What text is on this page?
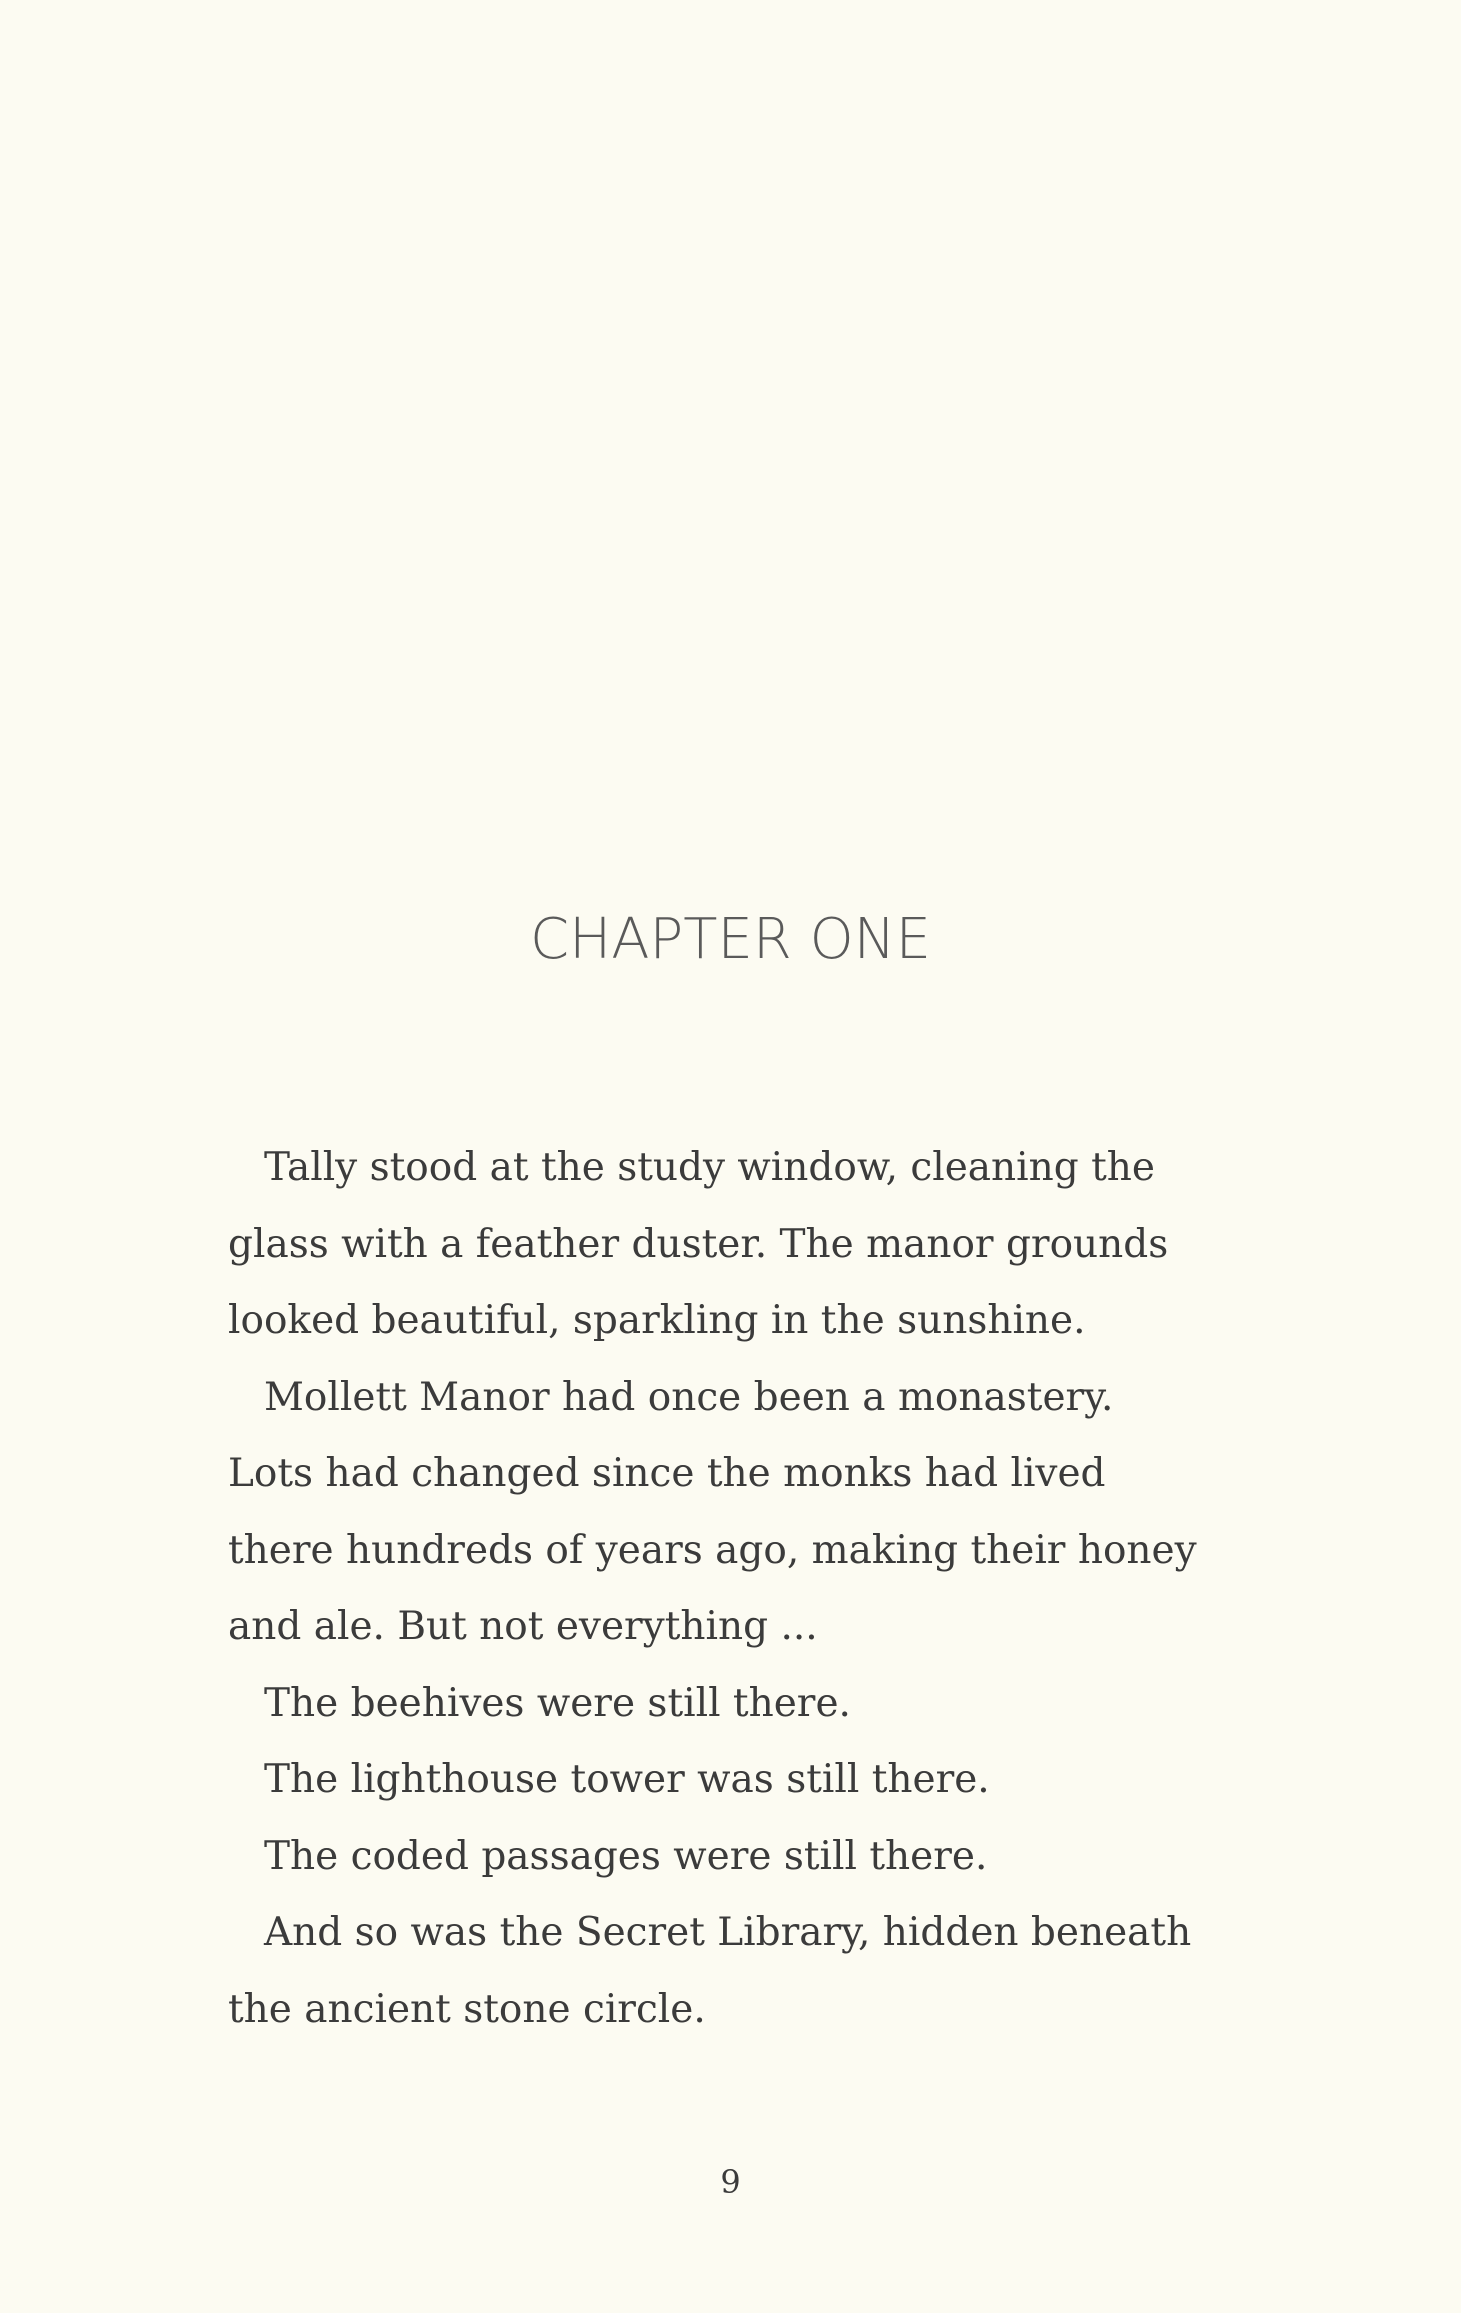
CHAPTER ONE
Tally stood at the study window, cleaning the
glass with a feather duster. The manor grounds
looked beautiful, sparkling in the sunshine.
Mollett Manor had once been a monastery.
Lots had changed since the monks had lived
there hundreds of years ago, making their honey
and ale. But not everything ...
The beehives were still there.
The lighthouse tower was still there.
The coded passages were still there.
And so was the Secret Library, hidden beneath
the ancient stone circle.
9
